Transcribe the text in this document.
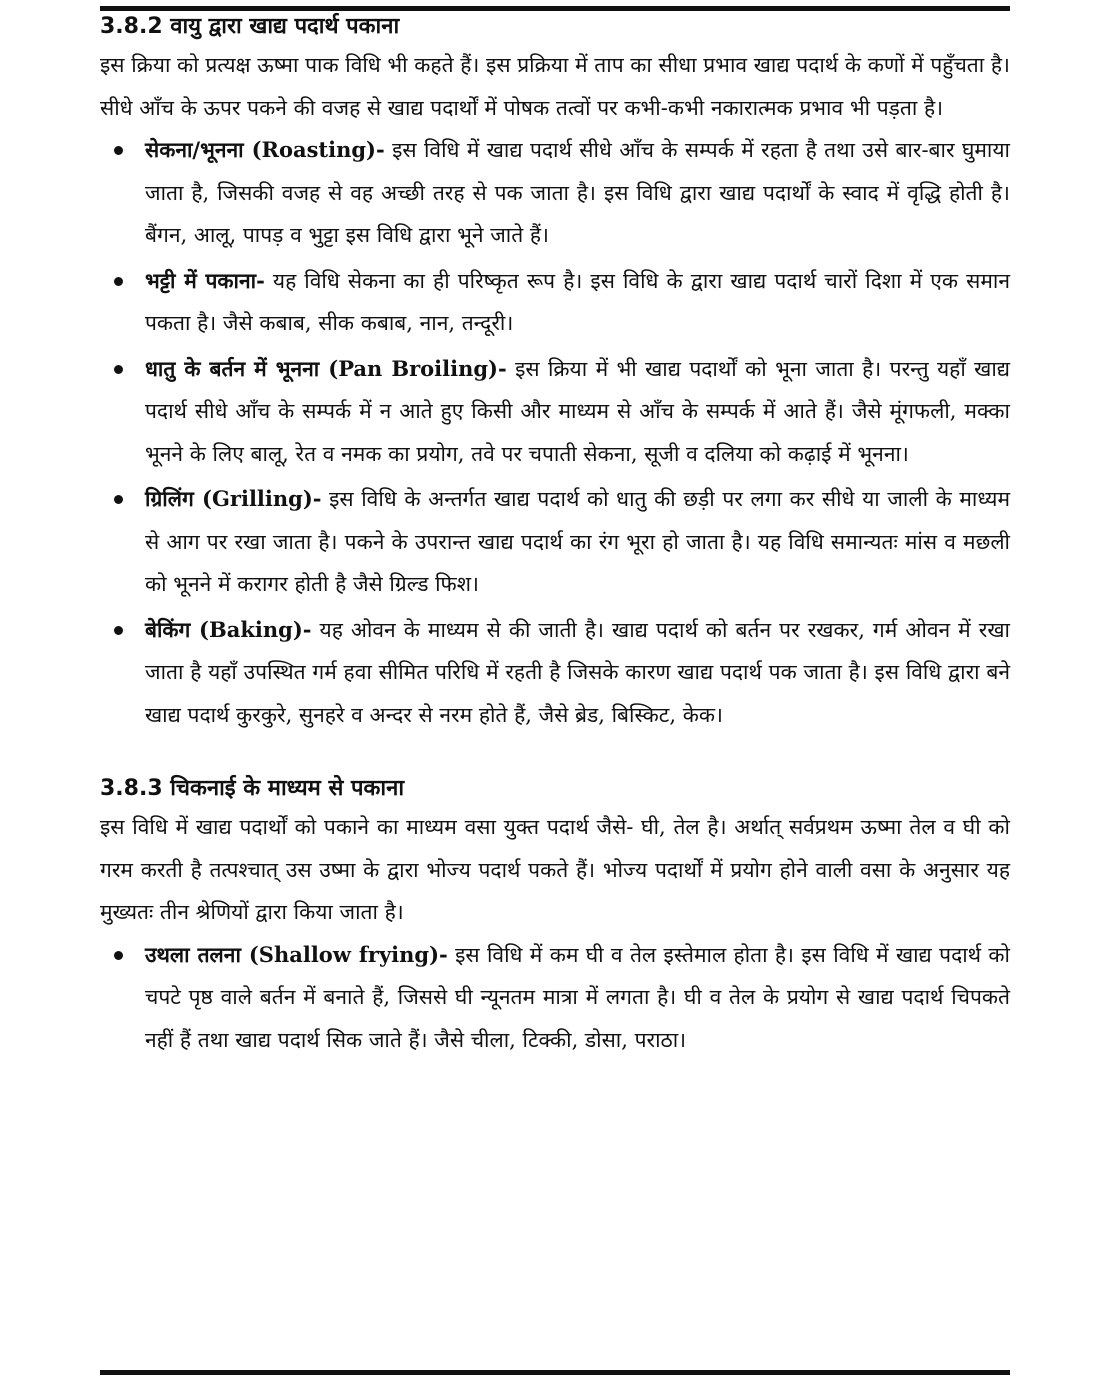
3.8.2 वायु द्वारा खाद्य पदार्थ पकाना

इस क्रिया को प्रत्यक्ष ऊष्मा पाक विधि भी कहते हैं। इस प्रक्रिया में ताप का सीधा प्रभाव खाद्य पदार्थ के कणों में पहुँचता है। सीधे आँच के ऊपर पकने की वजह से खाद्य पदार्थों में पोषक तत्वों पर कभी-कभी नकारात्मक प्रभाव भी पड़ता है।

सेकना/भूनना (Roasting)- इस विधि में खाद्य पदार्थ सीधे आँच के सम्पर्क में रहता है तथा उसे बार-बार घुमाया जाता है, जिसकी वजह से वह अच्छी तरह से पक जाता है। इस विधि द्वारा खाद्य पदार्थों के स्वाद में वृद्धि होती है। बैंगन, आलू, पापड़ व भुट्टा इस विधि द्वारा भूने जाते हैं।
भट्टी में पकाना- यह विधि सेकना का ही परिष्कृत रूप है। इस विधि के द्वारा खाद्य पदार्थ चारों दिशा में एक समान पकता है। जैसे कबाब, सीक कबाब, नान, तन्दूरी।
धातु के बर्तन में भूनना (Pan Broiling)- इस क्रिया में भी खाद्य पदार्थों को भूना जाता है। परन्तु यहाँ खाद्य पदार्थ सीधे आँच के सम्पर्क में न आते हुए किसी और माध्यम से आँच के सम्पर्क में आते हैं। जैसे मूंगफली, मक्का भूनने के लिए बालू, रेत व नमक का प्रयोग, तवे पर चपाती सेकना, सूजी व दलिया को कढ़ाई में भूनना।
ग्रिलिंग (Grilling)- इस विधि के अन्तर्गत खाद्य पदार्थ को धातु की छड़ी पर लगा कर सीधे या जाली के माध्यम से आग पर रखा जाता है। पकने के उपरान्त खाद्य पदार्थ का रंग भूरा हो जाता है। यह विधि समान्यतः मांस व मछली को भूनने में करागर होती है जैसे ग्रिल्ड फिश।
बेकिंग (Baking)- यह ओवन के माध्यम से की जाती है। खाद्य पदार्थ को बर्तन पर रखकर, गर्म ओवन में रखा जाता है यहाँ उपस्थित गर्म हवा सीमित परिधि में रहती है जिसके कारण खाद्य पदार्थ पक जाता है। इस विधि द्वारा बने खाद्य पदार्थ कुरकुरे, सुनहरे व अन्दर से नरम होते हैं, जैसे ब्रेड, बिस्किट, केक।
3.8.3 चिकनाई के माध्यम से पकाना

इस विधि में खाद्य पदार्थों को पकाने का माध्यम वसा युक्त पदार्थ जैसे- घी, तेल है। अर्थात् सर्वप्रथम ऊष्मा तेल व घी को गरम करती है तत्पश्चात् उस उष्मा के द्वारा भोज्य पदार्थ पकते हैं। भोज्य पदार्थों में प्रयोग होने वाली वसा के अनुसार यह मुख्यतः तीन श्रेणियों द्वारा किया जाता है।

उथला तलना (Shallow frying)- इस विधि में कम घी व तेल इस्तेमाल होता है। इस विधि में खाद्य पदार्थ को चपटे पृष्ठ वाले बर्तन में बनाते हैं, जिससे घी न्यूनतम मात्रा में लगता है। घी व तेल के प्रयोग से खाद्य पदार्थ चिपकते नहीं हैं तथा खाद्य पदार्थ सिक जाते हैं। जैसे चीला, टिक्की, डोसा, पराठा।
